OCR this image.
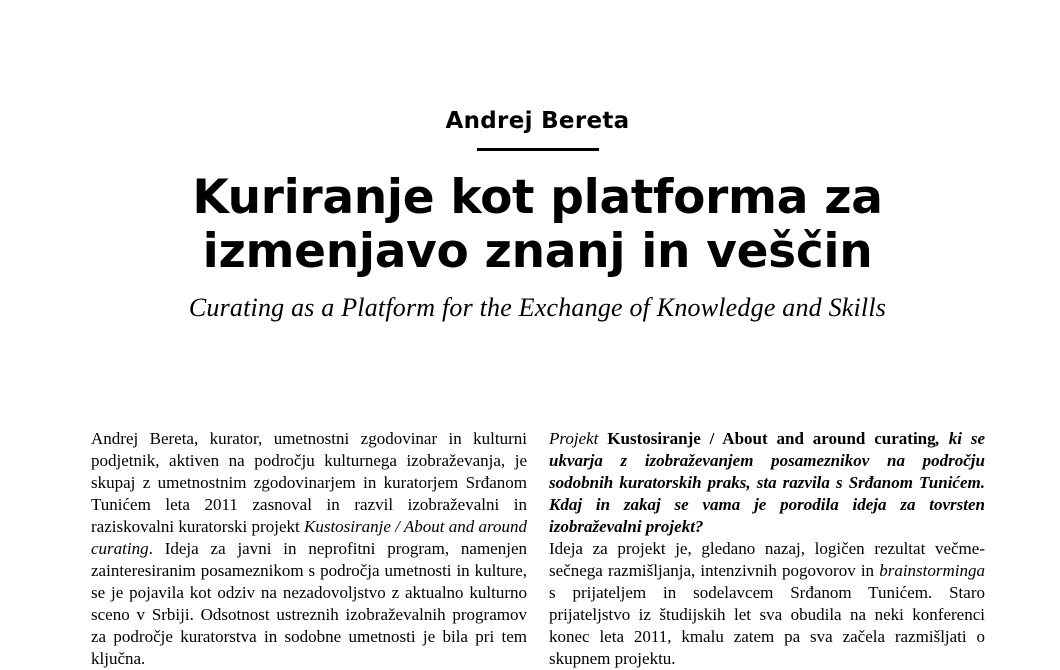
Andrej Bereta
Kuriranje kot platforma za
izmenjavo znanj in veščin
Curating as a Platform for the Exchange of Knowledge and Skills

Andrej Bereta, kurator, umetnostni zgodovinar in kulturni podjetnik, aktiven na področju kulturnega izobraževanja, je skupaj z umetnostnim zgodovinarjem in kuratorjem Srđanom Tunićem leta 2011 zasnoval in razvil izobraževalni in raziskovalni kuratorski projekt Kustosiranje / About and around curating. Ideja za javni in neprofitni program, namenjen zainteresiranim posameznikom s področja umetnosti in kulture, se je pojavila kot odziv na nezadovoljstvo z aktualno kulturno sceno v Srbiji. Odsotnost ustreznih izobraževalnih programov za področje kuratorstva in sodobne umetnosti je bila pri tem ključna.

Projekt Kustosiranje / About and around curating, ki se ukvarja z izobraževanjem posameznikov na področju sodobnih kuratorskih praks, sta razvila s Srđanom Tunićem. Kdaj in zakaj se vama je porodila ideja za tovrsten izobraževalni projekt?

Ideja za projekt je, gledano nazaj, logičen rezultat večmesečnega razmišljanja, intenzivnih pogovorov in brainstorminga s prijateljem in sodelavcem Srđanom Tunićem. Staro prijateljstvo iz študijskih let sva obudila na neki konferenci konec leta 2011, kmalu zatem pa sva začela razmišljati o skupnem projektu.
